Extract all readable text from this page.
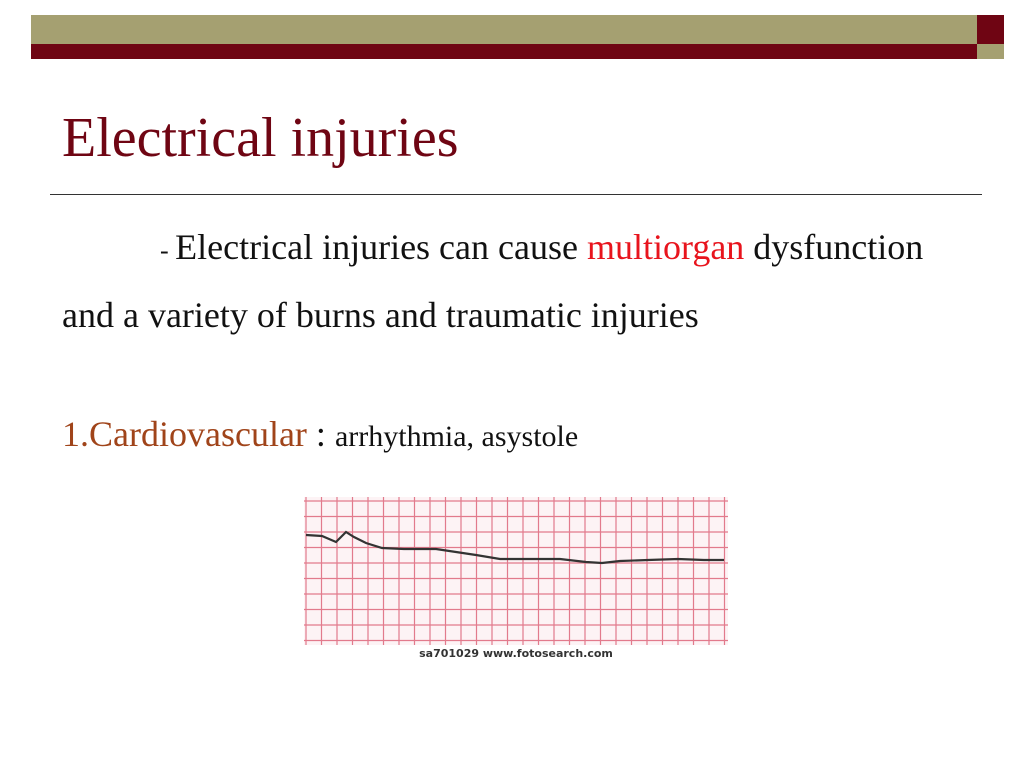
Electrical injuries

- Electrical injuries can cause multiorgan dysfunction and a variety of burns and traumatic injuries

1.Cardiovascular : arrhythmia, asystole

sa701029 www.fotosearch.com
